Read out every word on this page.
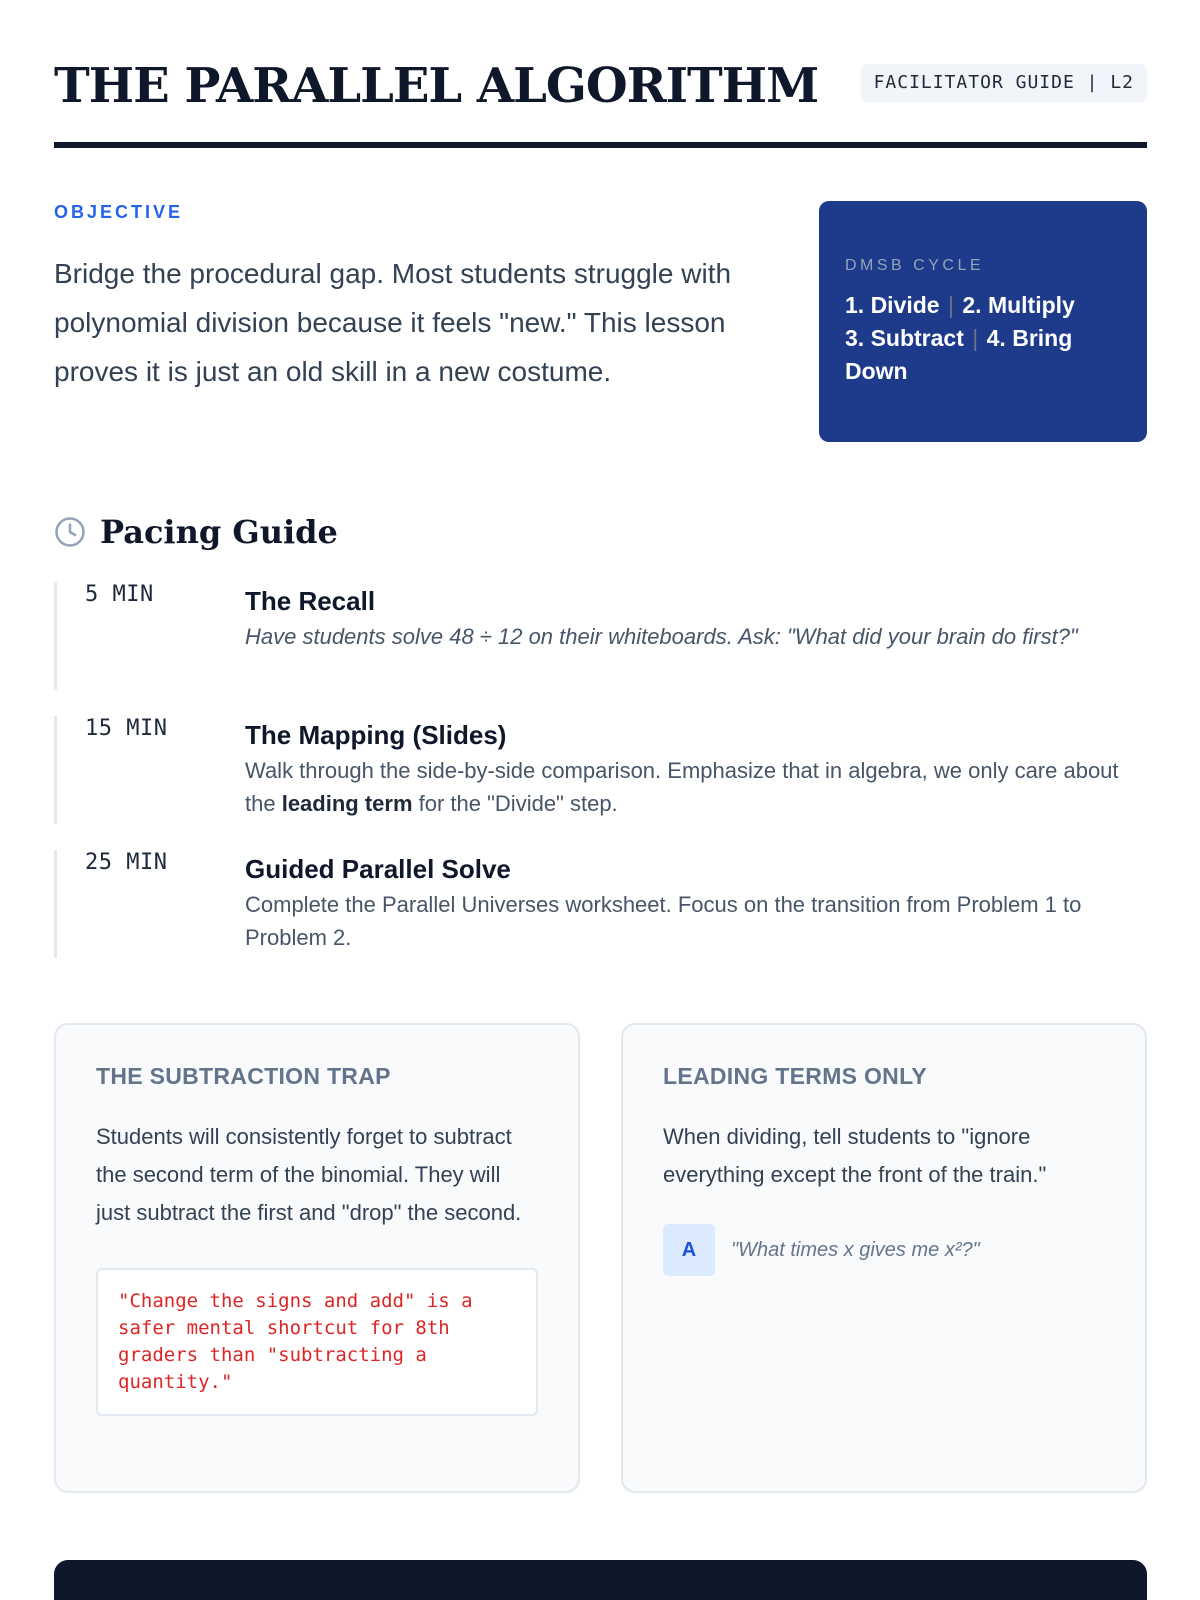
THE PARALLEL ALGORITHM	FACILITATOR GUIDE | L2
OBJECTIVE
Bridge the procedural gap. Most students struggle with polynomial division because it feels "new." This lesson proves it is just an old skill in a new costume.
DMSB CYCLE
1. Divide | 2. Multiply
3. Subtract | 4. Bring Down
Pacing Guide
5 MIN	The Recall
Have students solve 48 ÷ 12 on their whiteboards. Ask: "What did your brain do first?"
15 MIN	The Mapping (Slides)
Walk through the side-by-side comparison. Emphasize that in algebra, we only care about the leading term for the "Divide" step.
25 MIN	Guided Parallel Solve
Complete the Parallel Universes worksheet. Focus on the transition from Problem 1 to Problem 2.
THE SUBTRACTION TRAP
Students will consistently forget to subtract the second term of the binomial. They will just subtract the first and "drop" the second.
"Change the signs and add" is a safer mental shortcut for 8th graders than "subtracting a quantity."
LEADING TERMS ONLY
When dividing, tell students to "ignore everything except the front of the train."
A	"What times x gives me x²?"
